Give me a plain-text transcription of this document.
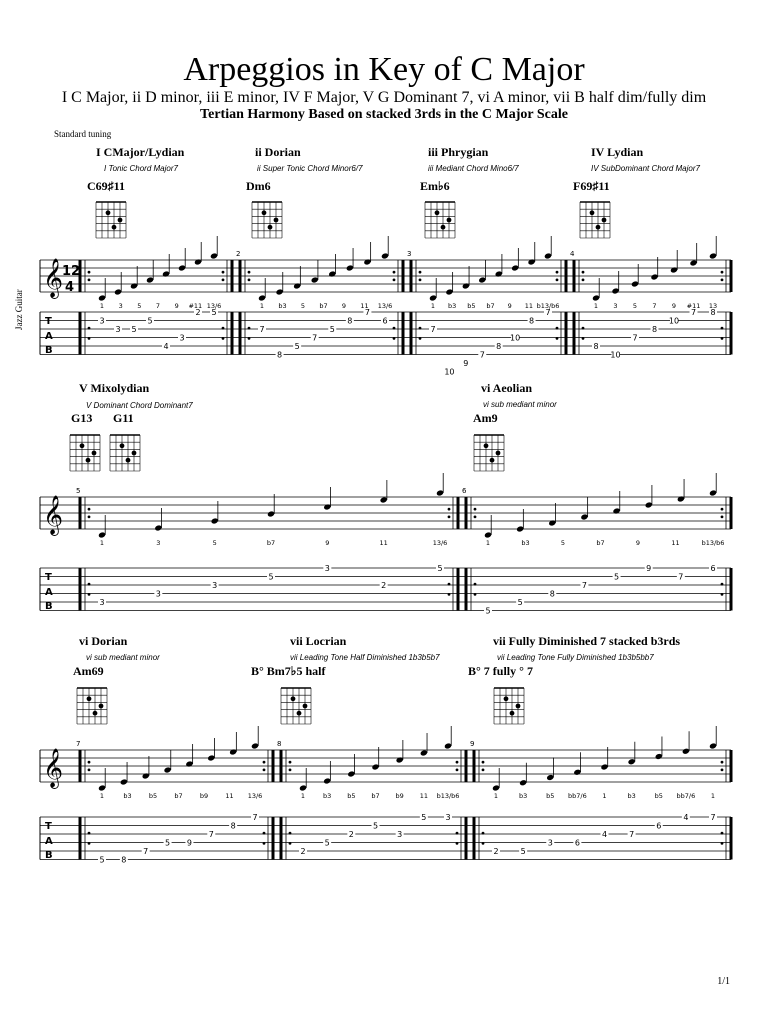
Arpeggios in Key of C Major
I C Major, ii D minor, iii E minor, IV F Major, V G Dominant 7, vi A minor, vii B half dim/fully dim
Tertian Harmony Based on stacked 3rds in the C Major Scale
Standard tuning
Jazz Guitar
1/1
I CMajor/Lydian
I Tonic Chord Major7
ii Dorian
ii Super Tonic Chord Minor6/7
iii Phrygian
iii Mediant Chord Mino6/7
IV Lydian
IV SubDominant Chord Major7
V Mixolydian
V Dominant Chord Dominant7
vi Aeolian
vi sub mediant minor
vi Dorian
vi sub mediant minor
vii Locrian
vii Leading Tone Half Diminished 1b3b5b7
vii Fully Diminished 7 stacked b3rds
vii Leading Tone Fully Diminished 1b3b5bb7
C69♯11	Dm6	Em♭6	F69♯11
G13 G11	Am9
Am69	B° Bm7♭5 half	B° 7 fully ° 7
𝄞
T
A
B
12
4
3
3 5
5
4
3
2 5
1 3 5 7 9 #11 13/6
2
7
8
5
7
5
8
7
6
1 b3 5 b7 9 11 13/6
3
7
10
9
7
8
10
8
7
1 b3 b5 b7 9 11 b13/b6
4
8
10
7
8
10
7 8
1 3 5 7 9 #11 13
𝄞
T
A
B
5
3
3
3
5
3
2
5
1	3	5	b7	9	11	13/6
6
5
5
8
7
5
9
7
6
1	b3	5	b7	9	11	b13/b6
𝄞
T
A
B
7
5 8
7
5 9
7
8
7
1	b3	b5	b7	b9	11 13/6
8
2
5
2
5
3
5 3
1	b3 b5 b7 b9 11 b13/b6
9
2	5
3	6
4	7
6
4	7
1	b3	b5 bb7/6 1	b3	b5 bb7/6 1
